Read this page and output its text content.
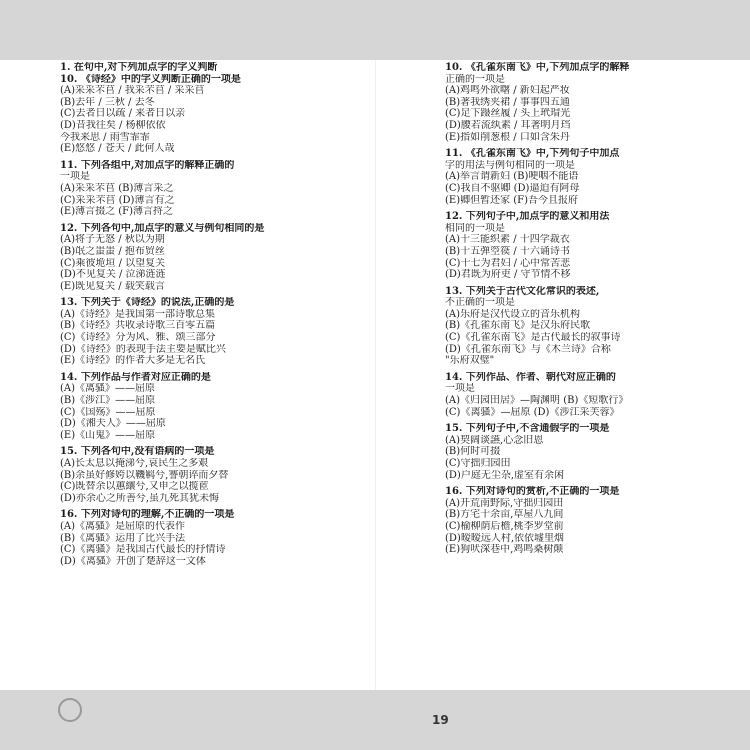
1. 在句中,对下列加点字的字义判断
10. 《诗经》中的字义判断正确的一项是
(A)采采芣苢 / 我采芣苢 / 采采苢
(B)去年 / 三秋 / 去冬
(C)去者日以疏 / 来者日以亲
(D)昔我往矣 / 杨柳依依
今我来思 / 雨雪霏霏
(E)悠悠 / 苍天 / 此何人哉
11. 下列各组中,对加点字的解释正确的
一项是
(A)采采芣苢 (B)薄言采之
(C)采采芣苢 (D)薄言有之
(E)薄言掇之 (F)薄言捋之
12. 下列各句中,加点字的意义与例句相同的是
(A)将子无怒 / 秋以为期
(B)氓之蚩蚩 / 抱布贸丝
(C)乘彼垝垣 / 以望复关
(D)不见复关 / 泣涕涟涟
(E)既见复关 / 载笑载言
13. 下列关于《诗经》的说法,正确的是
(A)《诗经》是我国第一部诗歌总集
(B)《诗经》共收录诗歌三百零五篇
(C)《诗经》分为风、雅、颂三部分
(D)《诗经》的表现手法主要是赋比兴
(E)《诗经》的作者大多是无名氏
14. 下列作品与作者对应正确的是
(A)《离骚》——屈原
(B)《涉江》——屈原
(C)《国殇》——屈原
(D)《湘夫人》——屈原
(E)《山鬼》——屈原
15. 下列各句中,没有语病的一项是
(A)长太息以掩涕兮,哀民生之多艰
(B)余虽好修姱以鞿羁兮,謇朝谇而夕替
(C)既替余以蕙纕兮,又申之以揽茝
(D)亦余心之所善兮,虽九死其犹未悔
16. 下列对诗句的理解,不正确的一项是
(A)《离骚》是屈原的代表作
(B)《离骚》运用了比兴手法
(C)《离骚》是我国古代最长的抒情诗
(D)《离骚》开创了楚辞这一文体
10. 《孔雀东南飞》中,下列加点字的解释
正确的一项是
(A)鸡鸣外欲曙 / 新妇起严妆
(B)著我绣夹裙 / 事事四五通
(C)足下蹑丝履 / 头上玳瑁光
(D)腰若流纨素 / 耳著明月珰
(E)指如削葱根 / 口如含朱丹
11. 《孔雀东南飞》中,下列句子中加点
字的用法与例句相同的一项是
(A)举言谓新妇 (B)哽咽不能语
(C)我自不驱卿 (D)逼迫有阿母
(E)卿但暂还家 (F)吾今且报府
12. 下列句子中,加点字的意义和用法
相同的一项是
(A)十三能织素 / 十四学裁衣
(B)十五弹箜篌 / 十六诵诗书
(C)十七为君妇 / 心中常苦悲
(D)君既为府吏 / 守节情不移
13. 下列关于古代文化常识的表述,
不正确的一项是
(A)乐府是汉代设立的音乐机构
(B)《孔雀东南飞》是汉乐府民歌
(C)《孔雀东南飞》是古代最长的叙事诗
(D)《孔雀东南飞》与《木兰诗》合称
"乐府双璧"
14. 下列作品、作者、朝代对应正确的
一项是
(A)《归园田居》—陶渊明 (B)《短歌行》
(C)《离骚》—屈原 (D)《涉江采芙蓉》
15. 下列句子中,不含通假字的一项是
(A)契阔谈讌,心念旧恩
(B)何时可掇
(C)守拙归园田
(D)户庭无尘杂,虚室有余闲
16. 下列对诗句的赏析,不正确的一项是
(A)开荒南野际,守拙归园田
(B)方宅十余亩,草屋八九间
(C)榆柳荫后檐,桃李罗堂前
(D)暧暧远人村,依依墟里烟
(E)狗吠深巷中,鸡鸣桑树颠
19
